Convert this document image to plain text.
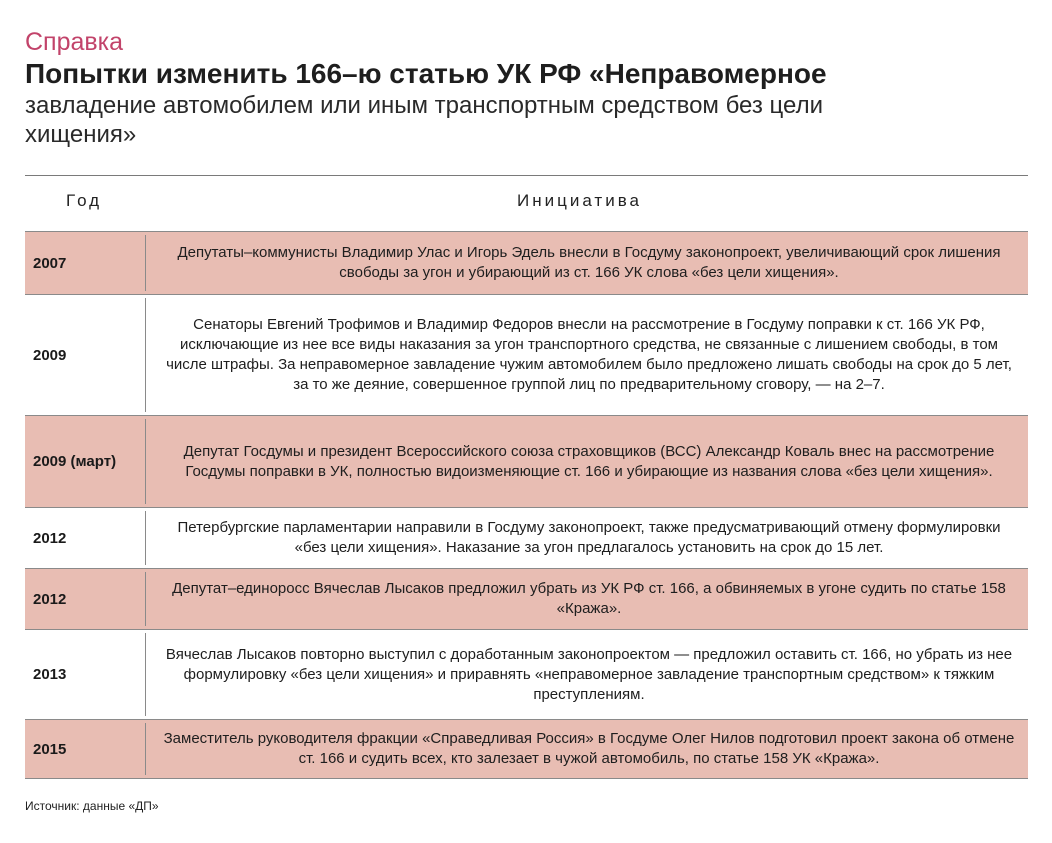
Справка
Попытки изменить 166–ю статью УК РФ «Неправомерное
завладение автомобилем или иным транспортным средством без цели хищения»
Год	Инициатива
2007
Депутаты–коммунисты Владимир Улас и Игорь Эдель внесли в Госдуму законопроект, увеличивающий срок лишения свободы за угон и убирающий из ст. 166 УК слова «без цели хищения».
2009
Сенаторы Евгений Трофимов и Владимир Федоров внесли на рассмотрение в Госдуму поправки к ст. 166 УК РФ, исключающие из нее все виды наказания за угон транспортного средства, не связанные с лишением свободы, в том числе штрафы. За неправомерное завладение чужим автомобилем было предложено лишать свободы на срок до 5 лет, за то же деяние, совершенное группой лиц по предварительному сговору, — на 2–7.
2009 (март)
Депутат Госдумы и президент Всероссийского союза страховщиков (ВСС) Александр Коваль внес на рассмотрение Госдумы поправки в УК, полностью видоизменяющие ст. 166 и убирающие из названия слова «без цели хищения».
2012
Петербургские парламентарии направили в Госдуму законопроект, также предусматривающий отмену формулировки «без цели хищения». Наказание за угон предлагалось установить на срок до 15 лет.
2012
Депутат–единоросс Вячеслав Лысаков предложил убрать из УК РФ ст. 166, а обвиняемых в угоне судить по статье 158 «Кража».
2013
Вячеслав Лысаков повторно выступил с доработанным законопроектом — предложил оставить ст. 166, но убрать из нее формулировку «без цели хищения» и приравнять «неправомерное завладение транспортным средством» к тяжким преступлениям.
2015
Заместитель руководителя фракции «Справедливая Россия» в Госдуме Олег Нилов подготовил проект закона об отмене ст. 166 и судить всех, кто залезает в чужой автомобиль, по статье 158 УК «Кража».
Источник: данные «ДП»
